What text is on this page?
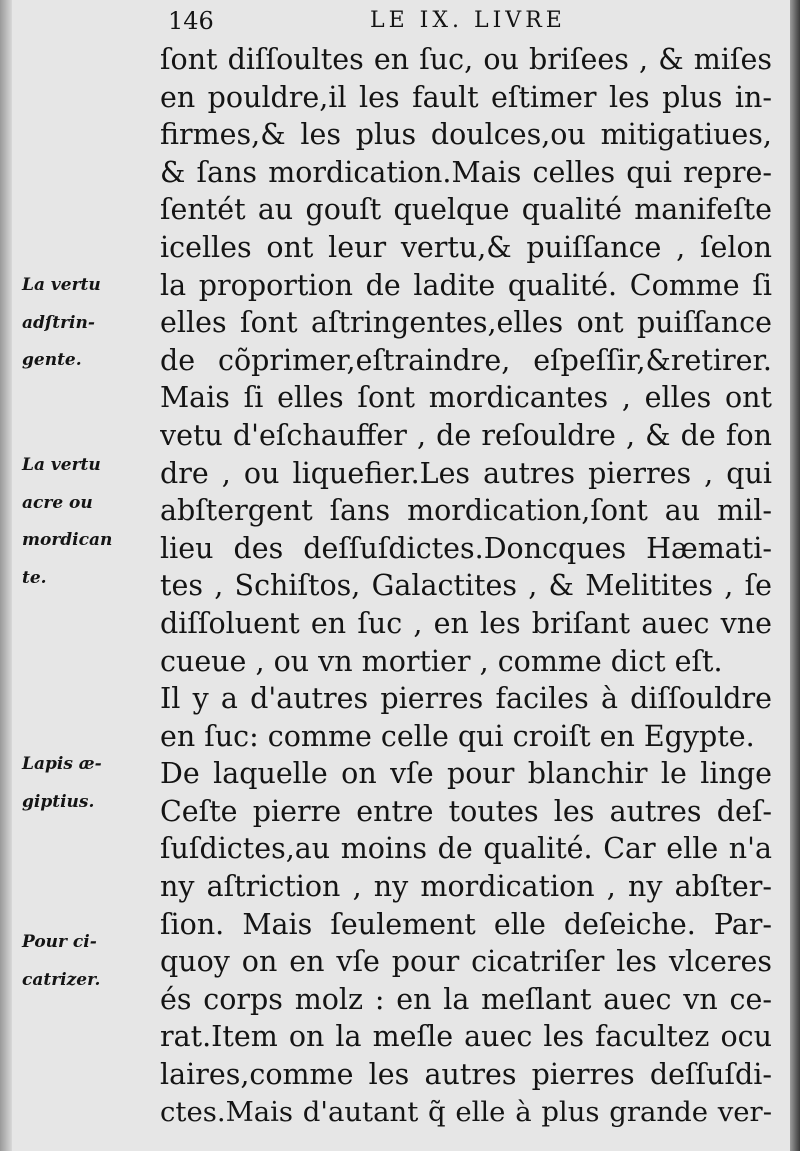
146	LE IX. LIVRE
ſont diſſoultes en ſuc, ou briſees , & miſes
en pouldre,il les fault eſtimer les plus in-
firmes,& les plus doulces,ou mitigatiues,
& ſans mordication.Mais celles qui repre-
ſentét au gouſt quelque qualité manifeſte
icelles ont leur vertu,& puiſſance , ſelon
la proportion de ladite qualité. Comme ſi
elles ſont aſtringentes,elles ont puiſſance
de cõprimer,eſtraindre, eſpeſſir,&retirer.
Mais ſi elles ſont mordicantes , elles ont
vetu d'eſchauffer , de reſouldre , & de fon
dre , ou liquefier.Les autres pierres , qui
abſtergent ſans mordication,ſont au mil-
lieu des deſſuſdictes.Doncques Hæmati-
tes , Schiſtos, Galactites , & Melitites , ſe
diſſoluent en ſuc , en les briſant auec vne
cueue , ou vn mortier , comme dict eſt.
Il y a d'autres pierres faciles à diſſouldre
en ſuc: comme celle qui croiſt en Egypte.
De laquelle on vſe pour blanchir le linge
Ceſte pierre entre toutes les autres deſ-
ſuſdictes,au moins de qualité. Car elle n'a
ny aſtriction , ny mordication , ny abſter-
ſion. Mais ſeulement elle deſeiche. Par-
quoy on en vſe pour cicatriſer les vlceres
és corps molz : en la meſlant auec vn ce-
rat.Item on la meſle auec les facultez ocu
laires,comme les autres pierres deſſuſdi-
ctes.Mais d'autant q̃ elle à plus grande ver-
La vertu
adſtrin-
gente.
La vertu
acre ou
mordican
te.
Lapis æ-
giptius.
Pour ci-
catrizer.
